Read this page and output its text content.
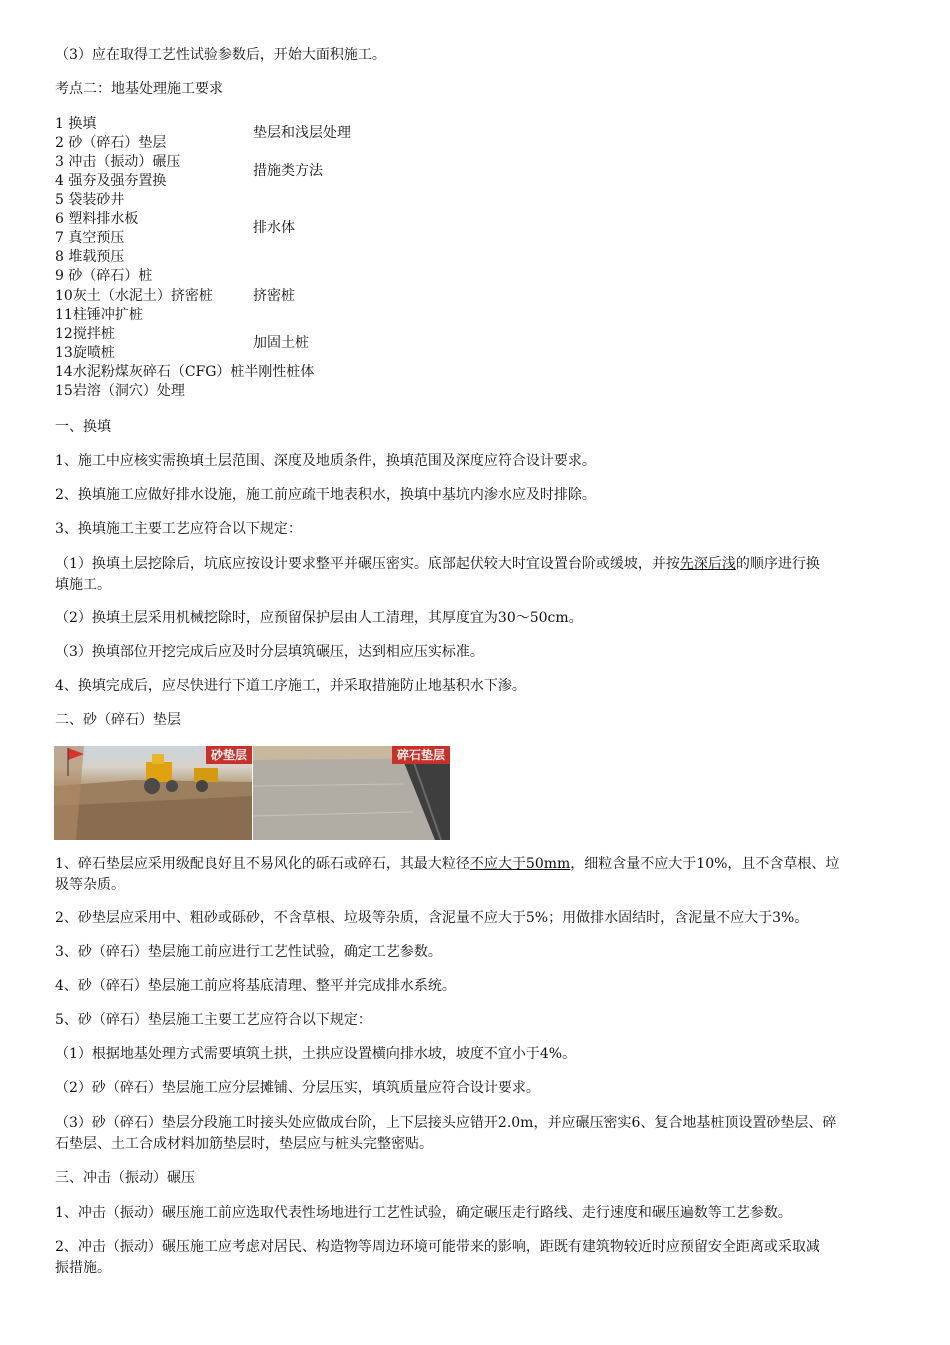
（3）应在取得工艺性试验参数后，开始大面积施工。
考点二：地基处理施工要求
1 换填
2 砂（碎石）垫层
3 冲击（振动）碾压
4 强夯及强夯置换
5 袋装砂井
6 塑料排水板
7 真空预压
8 堆载预压
9 砂（碎石）桩
10灰土（水泥土）挤密桩
11柱锤冲扩桩
12搅拌桩
13旋喷桩
14水泥粉煤灰碎石（CFG）桩半刚性桩体
15岩溶（洞穴）处理
垫层和浅层处理
措施类方法
排水体
挤密桩
加固土桩
一、换填
1、施工中应核实需换填土层范围、深度及地质条件，换填范围及深度应符合设计要求。
2、换填施工应做好排水设施，施工前应疏干地表积水，换填中基坑内渗水应及时排除。
3、换填施工主要工艺应符合以下规定：
（1）换填土层挖除后，坑底应按设计要求整平并碾压密实。底部起伏较大时宜设置台阶或缓坡，并按先深后浅的顺序进行换
填施工。
（2）换填土层采用机械挖除时，应预留保护层由人工清理，其厚度宜为30～50cm。
（3）换填部位开挖完成后应及时分层填筑碾压，达到相应压实标准。
4、换填完成后，应尽快进行下道工序施工，并采取措施防止地基积水下渗。
二、砂（碎石）垫层
砂垫层	碎石垫层
1、碎石垫层应采用级配良好且不易风化的砾石或碎石，其最大粒径不应大于50mm，细粒含量不应大于10%，且不含草根、垃
圾等杂质。
2、砂垫层应采用中、粗砂或砾砂，不含草根、垃圾等杂质，含泥量不应大于5%；用做排水固结时，含泥量不应大于3%。
3、砂（碎石）垫层施工前应进行工艺性试验，确定工艺参数。
4、砂（碎石）垫层施工前应将基底清理、整平并完成排水系统。
5、砂（碎石）垫层施工主要工艺应符合以下规定：
（1）根据地基处理方式需要填筑土拱，土拱应设置横向排水坡，坡度不宜小于4%。
（2）砂（碎石）垫层施工应分层摊铺、分层压实，填筑质量应符合设计要求。
（3）砂（碎石）垫层分段施工时接头处应做成台阶，上下层接头应错开2.0m，并应碾压密实6、复合地基桩顶设置砂垫层、碎
石垫层、土工合成材料加筋垫层时，垫层应与桩头完整密贴。
三、冲击（振动）碾压
1、冲击（振动）碾压施工前应选取代表性场地进行工艺性试验，确定碾压走行路线、走行速度和碾压遍数等工艺参数。
2、冲击（振动）碾压施工应考虑对居民、构造物等周边环境可能带来的影响，距既有建筑物较近时应预留安全距离或采取减
振措施。
